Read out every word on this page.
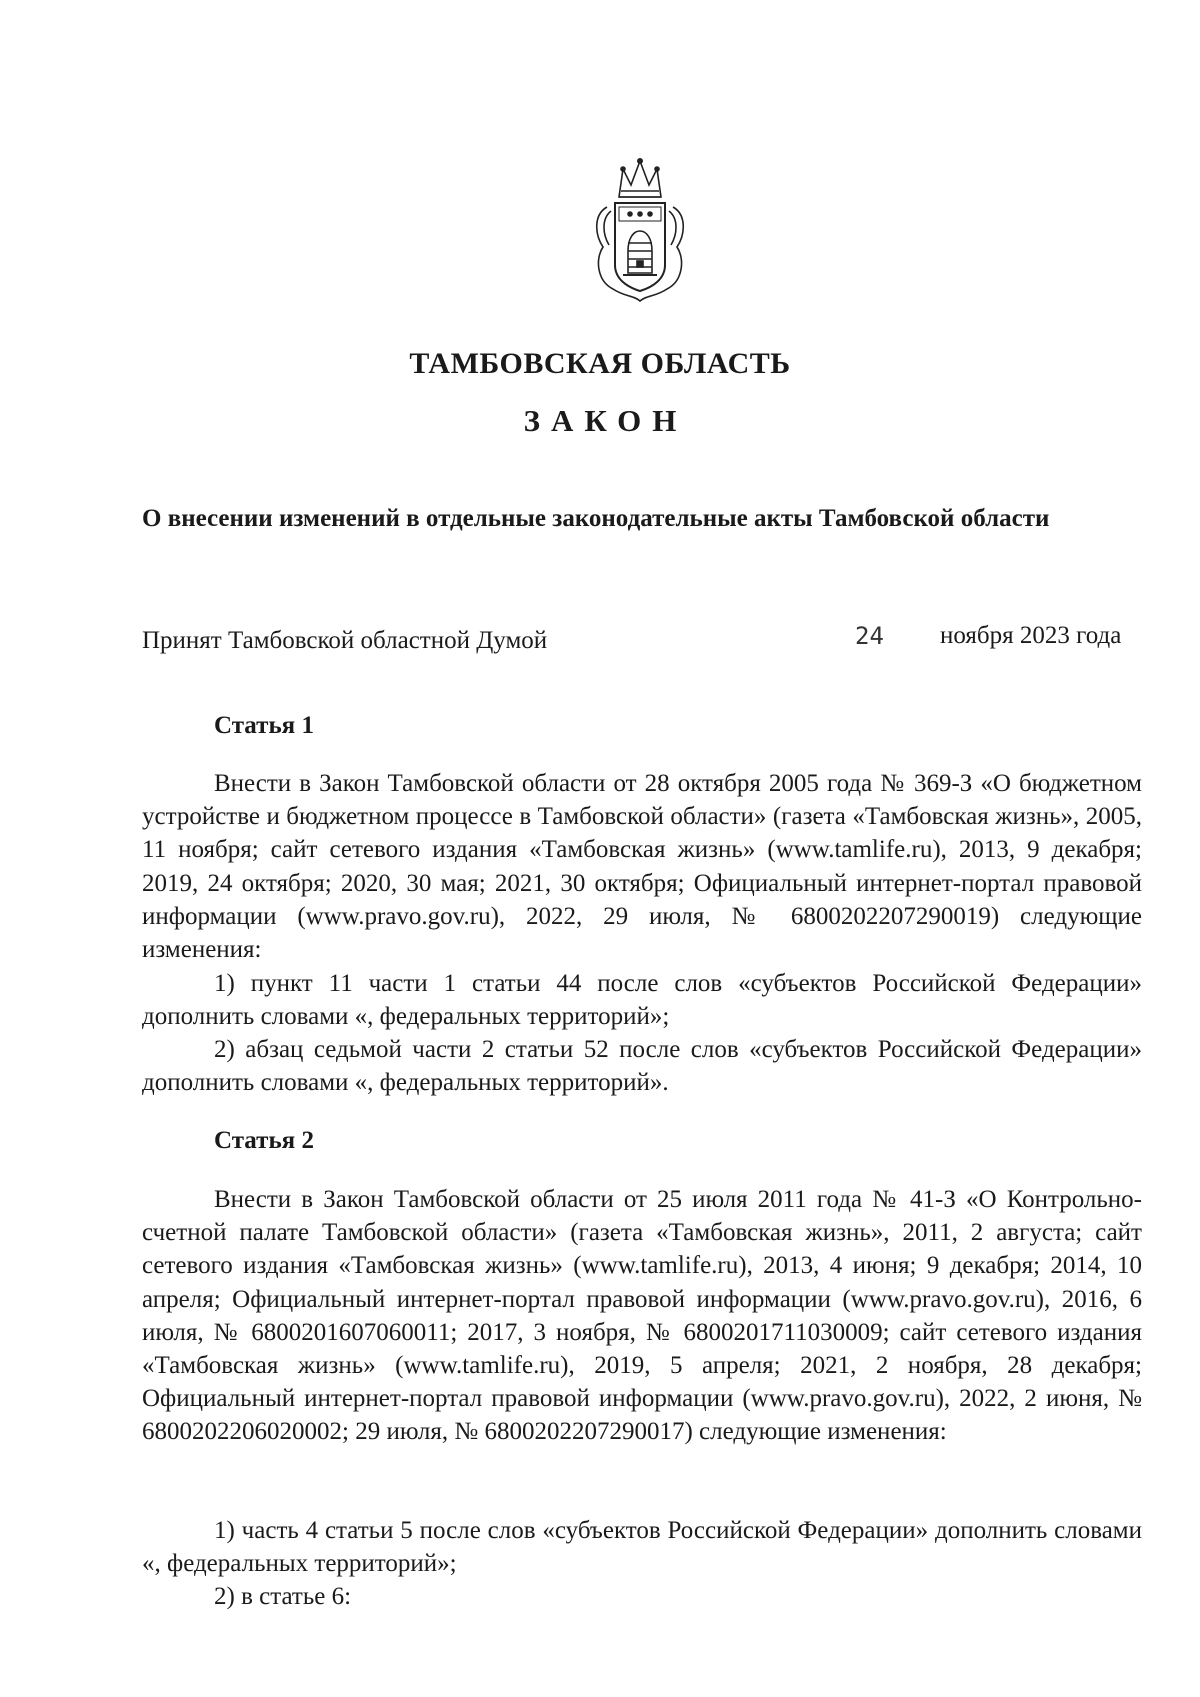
ТАМБОВСКАЯ ОБЛАСТЬ
ЗАКОН
О внесении изменений в отдельные законодательные акты Тамбовской области
Принят Тамбовской областной Думой	24 ноября 2023 года
Статья 1

Внести в Закон Тамбовской области от 28 октября 2005 года № 369-З «О бюджетном устройстве и бюджетном процессе в Тамбовской области» (газета «Тамбовская жизнь», 2005, 11 ноября; сайт сетевого издания «Тамбовская жизнь» (www.tamlife.ru), 2013, 9 декабря; 2019, 24 октября; 2020, 30 мая; 2021, 30 октября; Официальный интернет-портал правовой информации (www.pravo.gov.ru), 2022, 29 июля, № 6800202207290019) следующие изменения:

1) пункт 11 части 1 статьи 44 после слов «субъектов Российской Федерации» дополнить словами «, федеральных территорий»;

2) абзац седьмой части 2 статьи 52 после слов «субъектов Российской Федерации» дополнить словами «, федеральных территорий».

Статья 2

Внести в Закон Тамбовской области от 25 июля 2011 года № 41-З «О Контрольно-счетной палате Тамбовской области» (газета «Тамбовская жизнь», 2011, 2 августа; сайт сетевого издания «Тамбовская жизнь» (www.tamlife.ru), 2013, 4 июня; 9 декабря; 2014, 10 апреля; Официальный интернет-портал правовой информации (www.pravo.gov.ru), 2016, 6 июля, № 6800201607060011; 2017, 3 ноября, № 6800201711030009; сайт сетевого издания «Тамбовская жизнь» (www.tamlife.ru), 2019, 5 апреля; 2021, 2 ноября, 28 декабря; Официальный интернет-портал правовой информации (www.pravo.gov.ru), 2022, 2 июня, № 6800202206020002; 29 июля, № 6800202207290017) следующие изменения:

1) часть 4 статьи 5 после слов «субъектов Российской Федерации» дополнить словами «, федеральных территорий»;

2) в статье 6:
